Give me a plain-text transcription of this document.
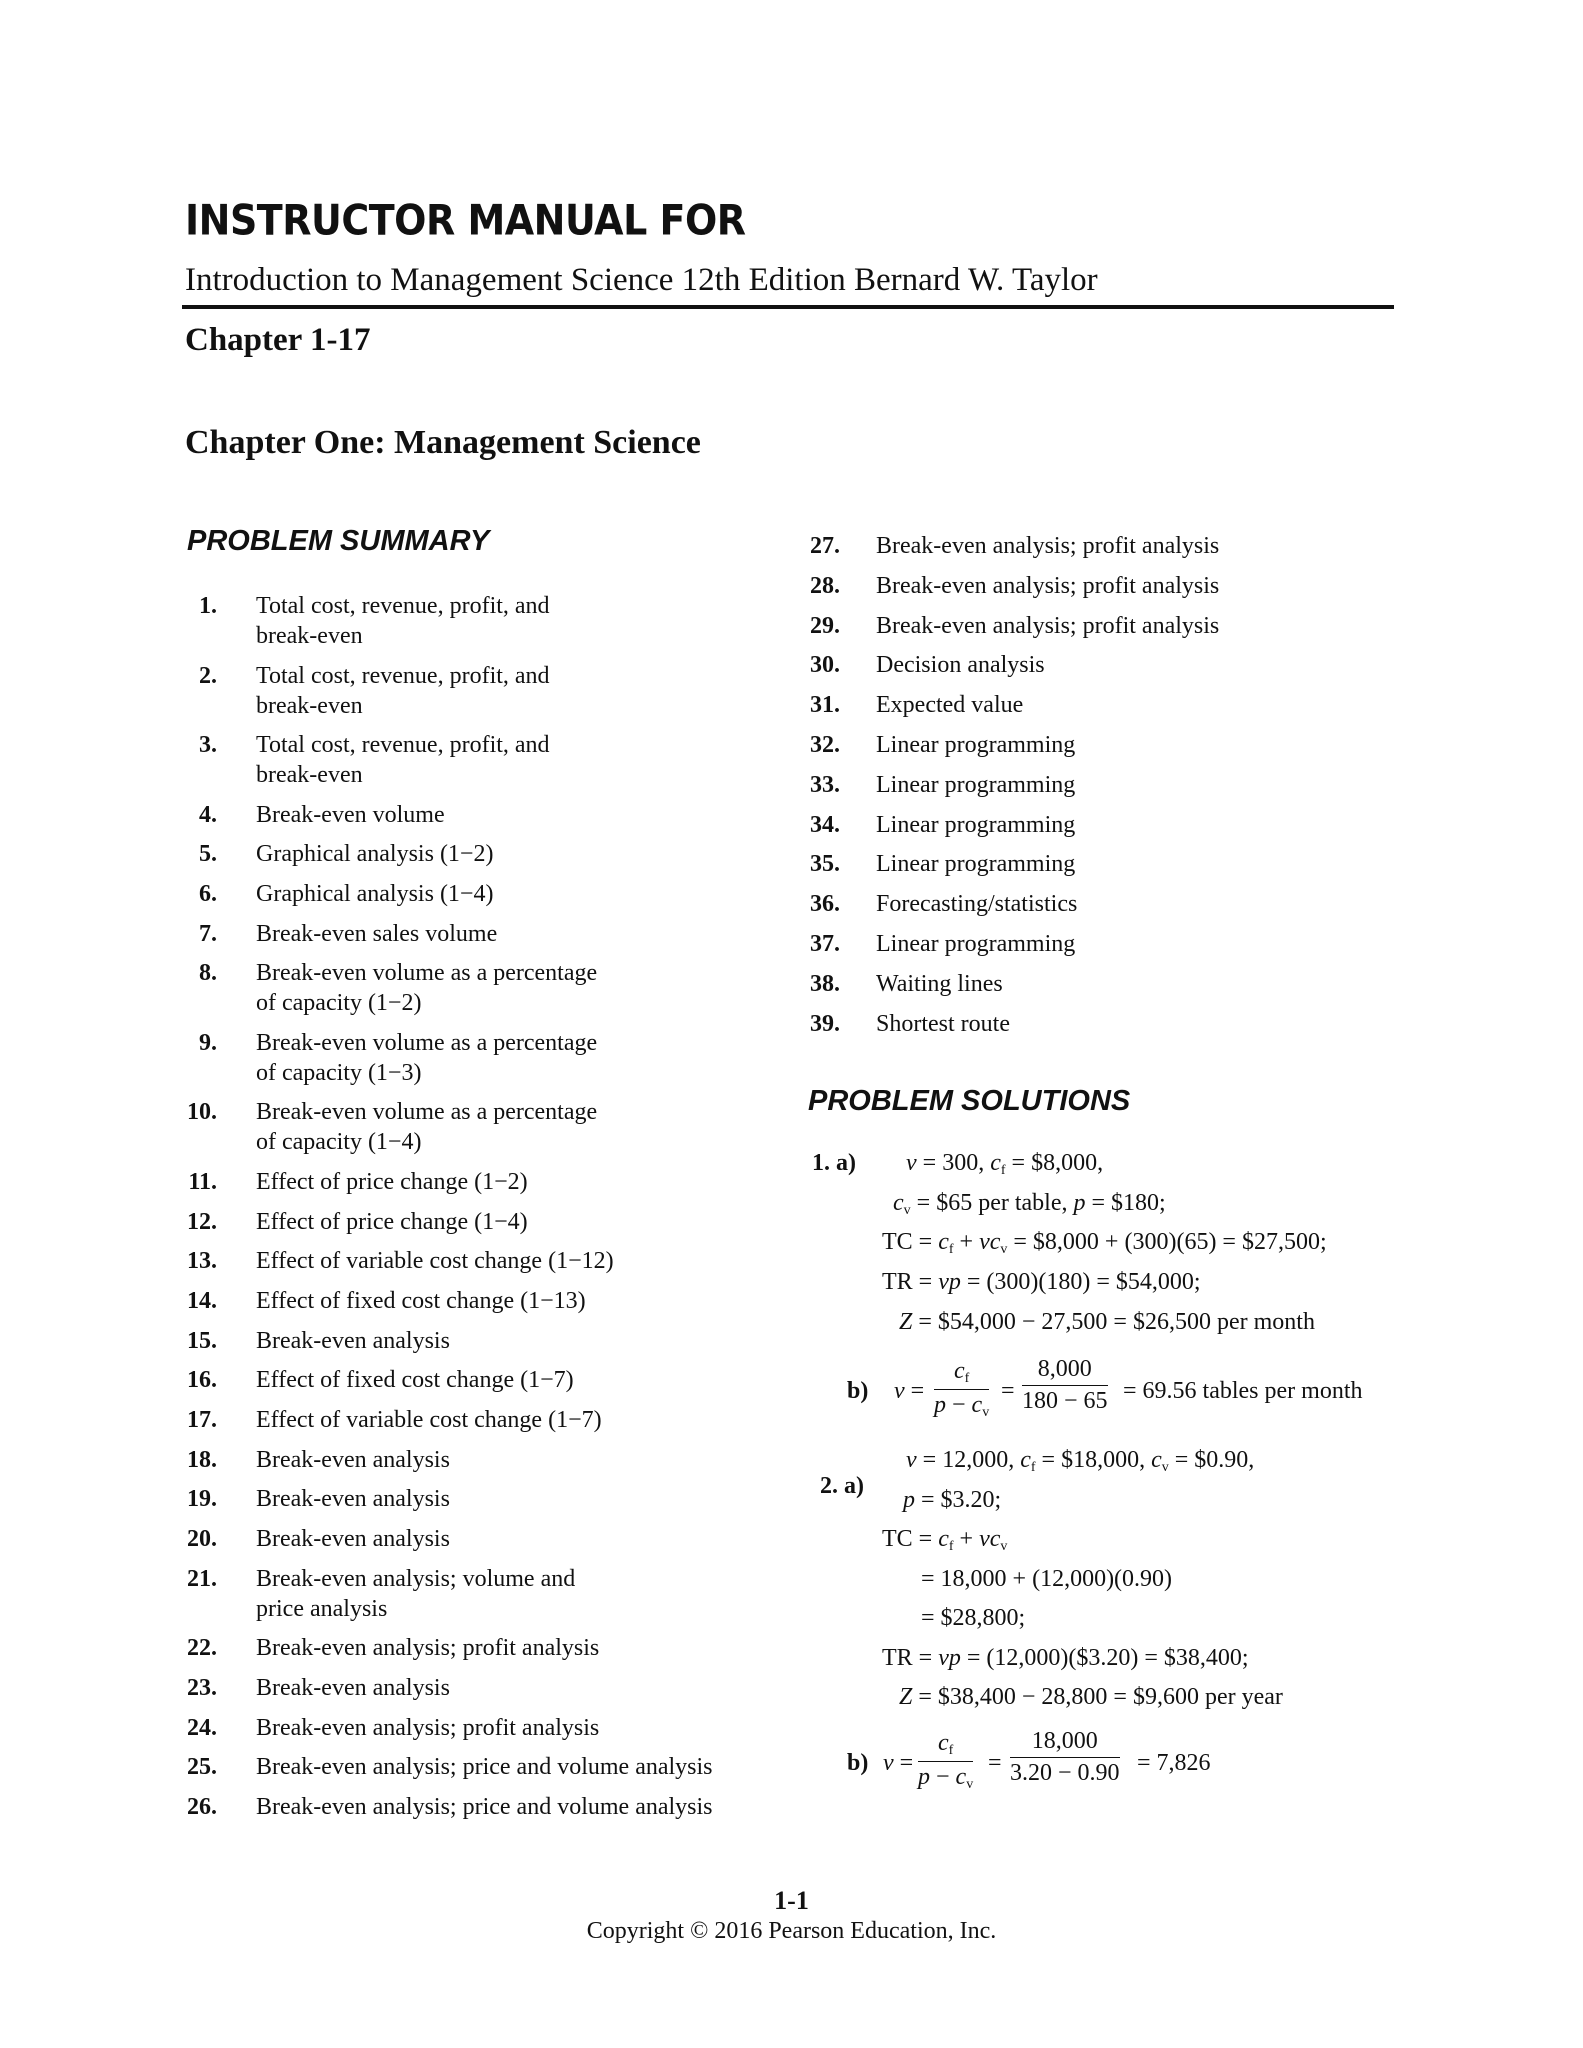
INSTRUCTOR MANUAL FOR
Introduction to Management Science 12th Edition Bernard W. Taylor
Chapter 1-17
Chapter One: Management Science
PROBLEM SUMMARY
1. Total cost, revenue, profit, and
break-even
2. Total cost, revenue, profit, and
break-even
3. Total cost, revenue, profit, and
break-even
4. Break-even volume
5. Graphical analysis (1−2)
6. Graphical analysis (1−4)
7. Break-even sales volume
8. Break-even volume as a percentage
of capacity (1−2)
9. Break-even volume as a percentage
of capacity (1−3)
10. Break-even volume as a percentage
of capacity (1−4)
11. Effect of price change (1−2)
12. Effect of price change (1−4)
13. Effect of variable cost change (1−12)
14. Effect of fixed cost change (1−13)
15. Break-even analysis
16. Effect of fixed cost change (1−7)
17. Effect of variable cost change (1−7)
18. Break-even analysis
19. Break-even analysis
20. Break-even analysis
21. Break-even analysis; volume and
price analysis
22. Break-even analysis; profit analysis
23. Break-even analysis
24. Break-even analysis; profit analysis
25. Break-even analysis; price and volume analysis
26. Break-even analysis; price and volume analysis
27. Break-even analysis; profit analysis
28. Break-even analysis; profit analysis
29. Break-even analysis; profit analysis
30. Decision analysis
31. Expected value
32. Linear programming
33. Linear programming
34. Linear programming
35. Linear programming
36. Forecasting/statistics
37. Linear programming
38. Waiting lines
39. Shortest route
PROBLEM SOLUTIONS
1. a) v = 300, $c_f$ = $8,000,
$c_v$ = $65 per table, p = $180;
TC = $c_f + vc_v$ = $8,000 + (300)(65) = $27,500;
TR = vp = (300)(180) = $54,000;
Z = $54,000 − 27,500 = $26,500 per month
b) $v = \frac{c_f}{p - c_v} = \frac{8,000}{180 - 65} = 69.56$ tables per month
2. a)
v = 12,000, $c_f$ = $18,000, $c_v$ = $0.90,
p = $3.20;
TC = $c_f + vc_v$
= 18,000 + (12,000)(0.90)
= $28,800;
TR = vp = (12,000)($3.20) = $38,400;
Z = $38,400 − 28,800 = $9,600 per year
b) $v = \frac{c_f}{p - c_v} = \frac{18,000}{3.20 - 0.90} = 7,826$
1-1
Copyright © 2016 Pearson Education, Inc.
